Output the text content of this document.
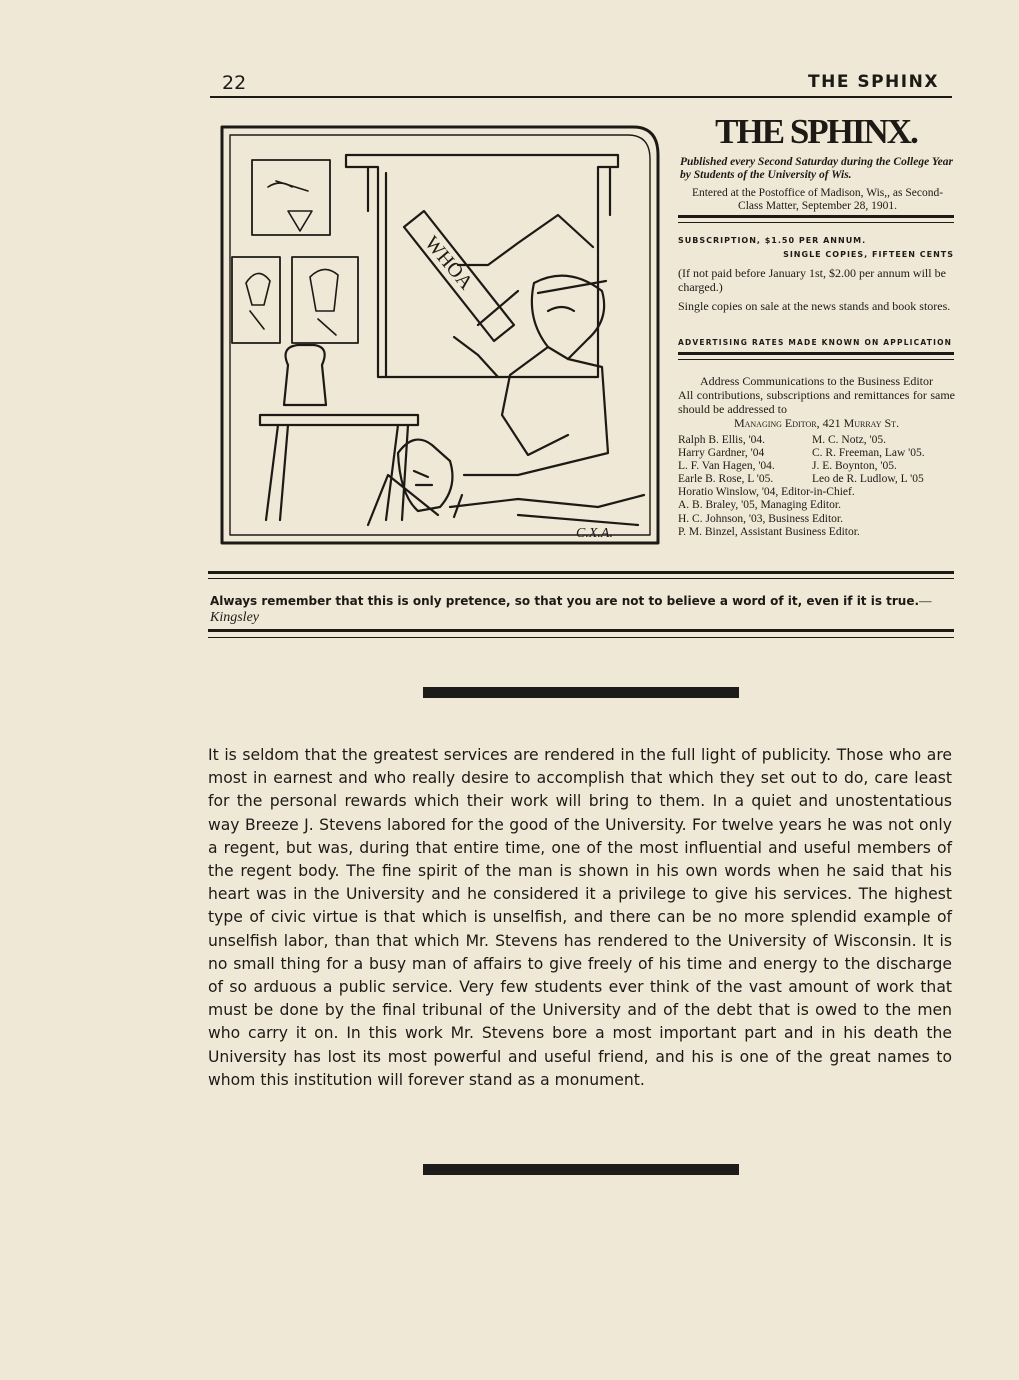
22	THE SPHINX
WHOA
C.X.A.
THE SPHINX.
Published every Second Saturday during the College Year by Students of the University of Wis.
Entered at the Postoffice of Madison, Wis,, as Second-Class Matter, September 28, 1901.
SUBSCRIPTION, $1.50 PER ANNUM.
SINGLE COPIES, FIFTEEN CENTS
(If not paid before January 1st, $2.00 per annum will be charged.)
Single copies on sale at the news stands and book stores.
ADVERTISING RATES MADE KNOWN ON APPLICATION
Address Communications to the Business Editor
All contributions, subscriptions and remittances for same should be addressed to
Managing Editor, 421 Murray St.
Ralph B. Ellis, '04.	M. C. Notz, '05.
Harry Gardner, '04	C. R. Freeman, Law '05.
L. F. Van Hagen, '04.	J. E. Boynton, '05.
Earle B. Rose, L '05.	Leo de R. Ludlow, L '05
Horatio Winslow, '04, Editor-in-Chief.
A. B. Braley, '05, Managing Editor.
H. C. Johnson, '03, Business Editor.
P. M. Binzel, Assistant Business Editor.
Always remember that this is only pretence, so that you are not to believe a word of it, even if it is true.—Kingsley
It is seldom that the greatest services are rendered in the full light of publicity. Those who are most in earnest and who really desire to accomplish that which they set out to do, care least for the personal rewards which their work will bring to them. In a quiet and unostentatious way Breeze J. Stevens labored for the good of the University. For twelve years he was not only a regent, but was, during that entire time, one of the most influential and useful members of the regent body. The fine spirit of the man is shown in his own words when he said that his heart was in the University and he considered it a privilege to give his services. The highest type of civic virtue is that which is unselfish, and there can be no more splendid example of unselfish labor, than that which Mr. Stevens has rendered to the University of Wisconsin. It is no small thing for a busy man of affairs to give freely of his time and energy to the discharge of so arduous a public service. Very few students ever think of the vast amount of work that must be done by the final tribunal of the University and of the debt that is owed to the men who carry it on. In this work Mr. Stevens bore a most important part and in his death the University has lost its most powerful and useful friend, and his is one of the great names to whom this institution will forever stand as a monument.
